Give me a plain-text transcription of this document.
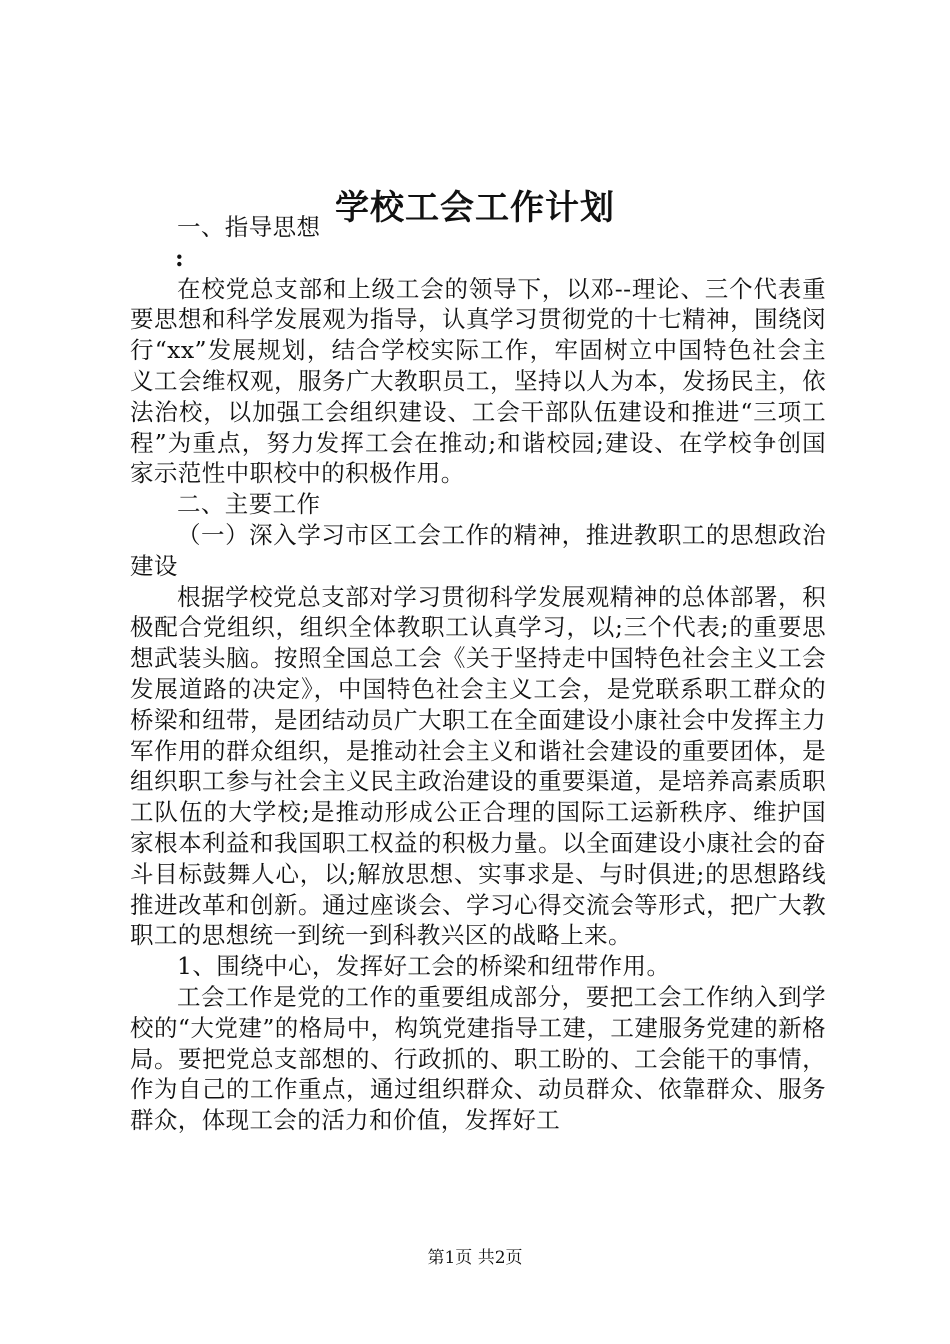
学校工会工作计划

一、指导思想

:

在校党总支部和上级工会的领导下，以邓--理论、三个代表重要思想和科学发展观为指导，认真学习贯彻党的十七精神，围绕闵行“xx”发展规划，结合学校实际工作，牢固树立中国特色社会主义工会维权观，服务广大教职员工，坚持以人为本，发扬民主，依法治校，以加强工会组织建设、工会干部队伍建设和推进“三项工程”为重点，努力发挥工会在推动;和谐校园;建设、在学校争创国家示范性中职校中的积极作用。

二、主要工作

（一）深入学习市区工会工作的精神，推进教职工的思想政治建设

根据学校党总支部对学习贯彻科学发展观精神的总体部署，积极配合党组织，组织全体教职工认真学习，以;三个代表;的重要思想武装头脑。按照全国总工会《关于坚持走中国特色社会主义工会发展道路的决定》，中国特色社会主义工会，是党联系职工群众的桥梁和纽带，是团结动员广大职工在全面建设小康社会中发挥主力军作用的群众组织，是推动社会主义和谐社会建设的重要团体，是组织职工参与社会主义民主政治建设的重要渠道，是培养高素质职工队伍的大学校;是推动形成公正合理的国际工运新秩序、维护国家根本利益和我国职工权益的积极力量。以全面建设小康社会的奋斗目标鼓舞人心，以;解放思想、实事求是、与时俱进;的思想路线推进改革和创新。通过座谈会、学习心得交流会等形式，把广大教职工的思想统一到统一到科教兴区的战略上来。

1、围绕中心，发挥好工会的桥梁和纽带作用。

工会工作是党的工作的重要组成部分，要把工会工作纳入到学校的“大党建”的格局中，构筑党建指导工建，工建服务党建的新格局。要把党总支部想的、行政抓的、职工盼的、工会能干的事情，作为自己的工作重点，通过组织群众、动员群众、依靠群众、服务群众，体现工会的活力和价值，发挥好工

第1页 共2页
